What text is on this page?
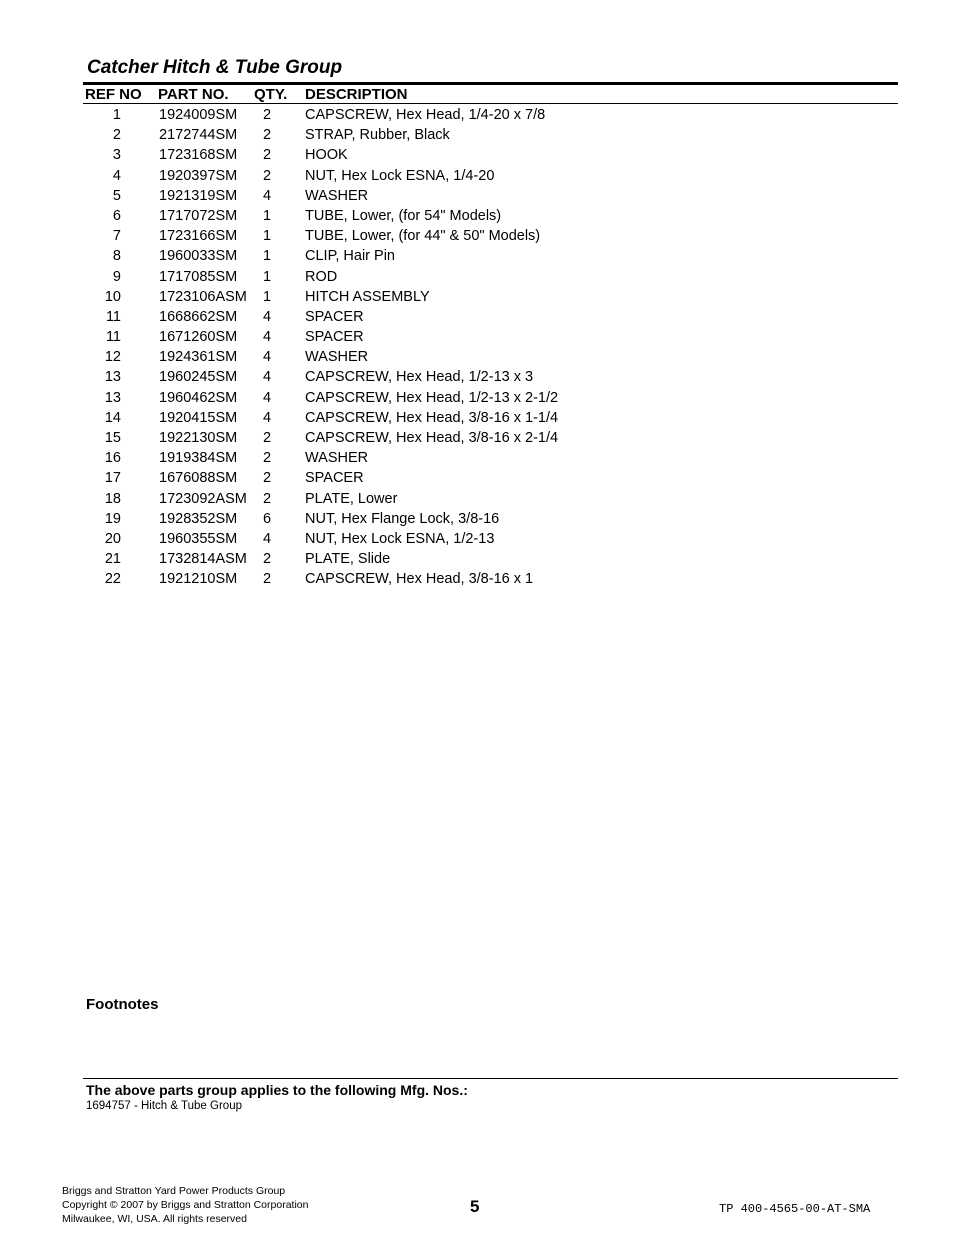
Catcher Hitch & Tube Group
REF NO PART NO. QTY. DESCRIPTION
1	1924009SM 2 CAPSCREW, Hex Head, 1/4-20 x 7/8
2	2172744SM 2 STRAP, Rubber, Black
3	1723168SM 2 HOOK
4	1920397SM 2 NUT, Hex Lock ESNA, 1/4-20
5	1921319SM 4 WASHER
6	1717072SM 1 TUBE, Lower, (for 54" Models)
7	1723166SM 1 TUBE, Lower, (for 44" & 50" Models)
8	1960033SM 1 CLIP, Hair Pin
9	1717085SM 1 ROD
10	1723106ASM 1 HITCH ASSEMBLY
11	1668662SM 4 SPACER
11	1671260SM 4 SPACER
12	1924361SM 4 WASHER
13	1960245SM 4 CAPSCREW, Hex Head, 1/2-13 x 3
13	1960462SM 4 CAPSCREW, Hex Head, 1/2-13 x 2-1/2
14	1920415SM 4 CAPSCREW, Hex Head, 3/8-16 x 1-1/4
15	1922130SM 2 CAPSCREW, Hex Head, 3/8-16 x 2-1/4
16	1919384SM 2 WASHER
17	1676088SM 2 SPACER
18	1723092ASM 2 PLATE, Lower
19	1928352SM 6 NUT, Hex Flange Lock, 3/8-16
20	1960355SM 4 NUT, Hex Lock ESNA, 1/2-13
21	1732814ASM 2 PLATE, Slide
22	1921210SM 2 CAPSCREW, Hex Head, 3/8-16 x 1
Footnotes
The above parts group applies to the following Mfg. Nos.:
1694757 - Hitch & Tube Group
Briggs and Stratton Yard Power Products Group
Copyright © 2007 by Briggs and Stratton Corporation
Milwaukee, WI, USA. All rights reserved
5	TP 400-4565-00-AT-SMA
